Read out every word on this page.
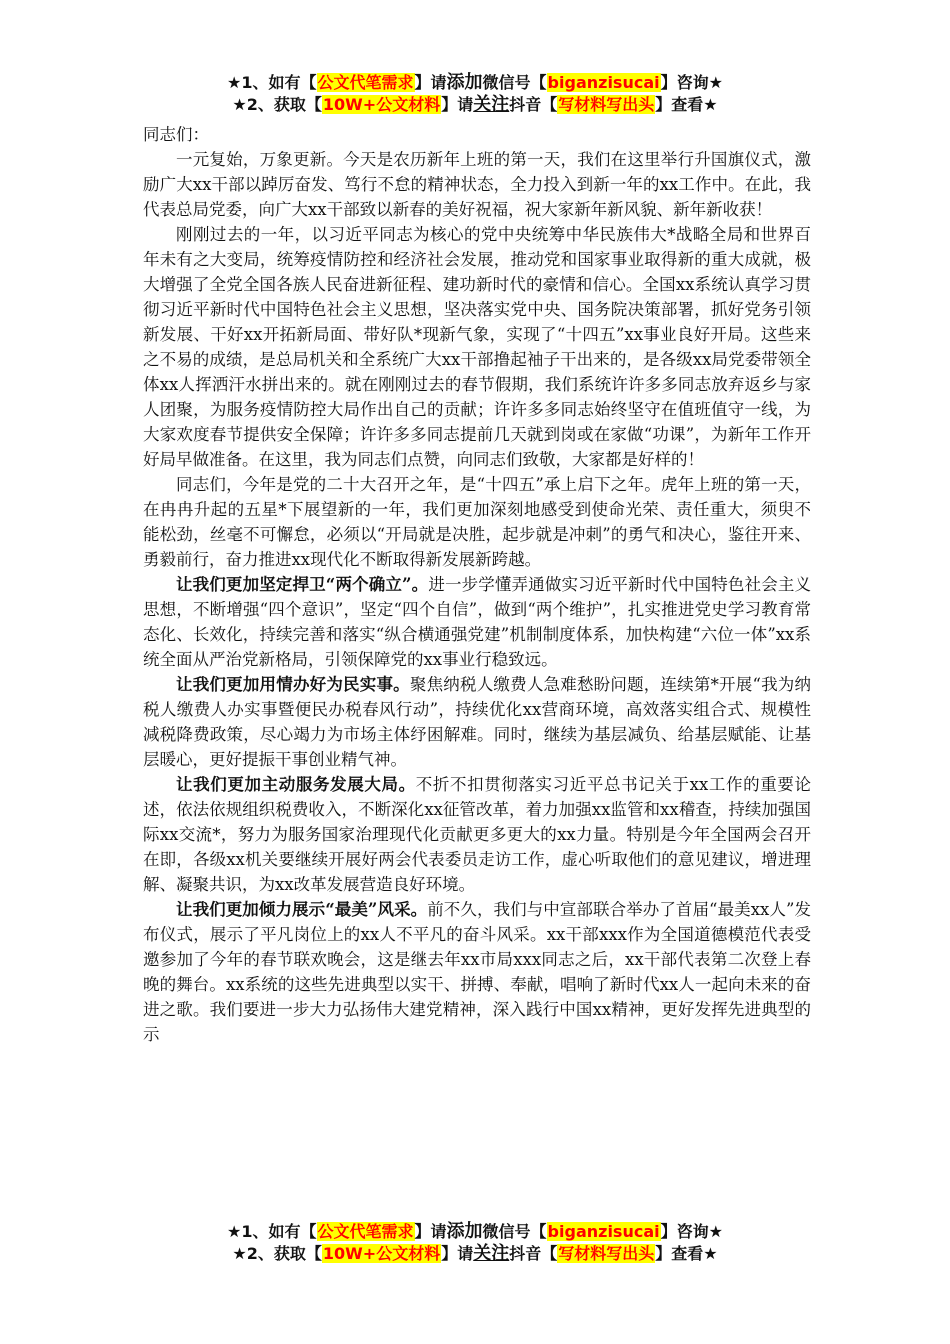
★1、如有【公文代笔需求】请添加微信号【biganzisucai】咨询★
★2、获取【10W+公文材料】请关注抖音【写材料写出头】查看★

同志们：

一元复始，万象更新。今天是农历新年上班的第一天，我们在这里举行升国旗仪式，激励广大xx干部以踔厉奋发、笃行不怠的精神状态，全力投入到新一年的xx工作中。在此，我代表总局党委，向广大xx干部致以新春的美好祝福，祝大家新年新风貌、新年新收获！

刚刚过去的一年，以习近平同志为核心的党中央统筹中华民族伟大*战略全局和世界百年未有之大变局，统筹疫情防控和经济社会发展，推动党和国家事业取得新的重大成就，极大增强了全党全国各族人民奋进新征程、建功新时代的豪情和信心。全国xx系统认真学习贯彻习近平新时代中国特色社会主义思想，坚决落实党中央、国务院决策部署，抓好党务引领新发展、干好xx开拓新局面、带好队*现新气象，实现了“十四五”xx事业良好开局。这些来之不易的成绩，是总局机关和全系统广大xx干部撸起袖子干出来的，是各级xx局党委带领全体xx人挥洒汗水拼出来的。就在刚刚过去的春节假期，我们系统许许多多同志放弃返乡与家人团聚，为服务疫情防控大局作出自己的贡献；许许多多同志始终坚守在值班值守一线，为大家欢度春节提供安全保障；许许多多同志提前几天就到岗或在家做“功课”，为新年工作开好局早做准备。在这里，我为同志们点赞，向同志们致敬，大家都是好样的！

同志们，今年是党的二十大召开之年，是“十四五”承上启下之年。虎年上班的第一天，在冉冉升起的五星*下展望新的一年，我们更加深刻地感受到使命光荣、责任重大，须臾不能松劲，丝毫不可懈怠，必须以“开局就是决胜，起步就是冲刺”的勇气和决心，鉴往开来、勇毅前行，奋力推进xx现代化不断取得新发展新跨越。

让我们更加坚定捍卫“两个确立”。进一步学懂弄通做实习近平新时代中国特色社会主义思想，不断增强“四个意识”，坚定“四个自信”，做到“两个维护”，扎实推进党史学习教育常态化、长效化，持续完善和落实“纵合横通强党建”机制制度体系，加快构建“六位一体”xx系统全面从严治党新格局，引领保障党的xx事业行稳致远。

让我们更加用情办好为民实事。聚焦纳税人缴费人急难愁盼问题，连续第*开展“我为纳税人缴费人办实事暨便民办税春风行动”，持续优化xx营商环境，高效落实组合式、规模性减税降费政策，尽心竭力为市场主体纾困解难。同时，继续为基层减负、给基层赋能、让基层暖心，更好提振干事创业精气神。

让我们更加主动服务发展大局。不折不扣贯彻落实习近平总书记关于xx工作的重要论述，依法依规组织税费收入，不断深化xx征管改革，着力加强xx监管和xx稽查，持续加强国际xx交流*，努力为服务国家治理现代化贡献更多更大的xx力量。特别是今年全国两会召开在即，各级xx机关要继续开展好两会代表委员走访工作，虚心听取他们的意见建议，增进理解、凝聚共识，为xx改革发展营造良好环境。

让我们更加倾力展示“最美”风采。前不久，我们与中宣部联合举办了首届“最美xx人”发布仪式，展示了平凡岗位上的xx人不平凡的奋斗风采。xx干部xxx作为全国道德模范代表受邀参加了今年的春节联欢晚会，这是继去年xx市局xxx同志之后，xx干部代表第二次登上春晚的舞台。xx系统的这些先进典型以实干、拼搏、奉献，唱响了新时代xx人一起向未来的奋进之歌。我们要进一步大力弘扬伟大建党精神，深入践行中国xx精神，更好发挥先进典型的示

★1、如有【公文代笔需求】请添加微信号【biganzisucai】咨询★
★2、获取【10W+公文材料】请关注抖音【写材料写出头】查看★
